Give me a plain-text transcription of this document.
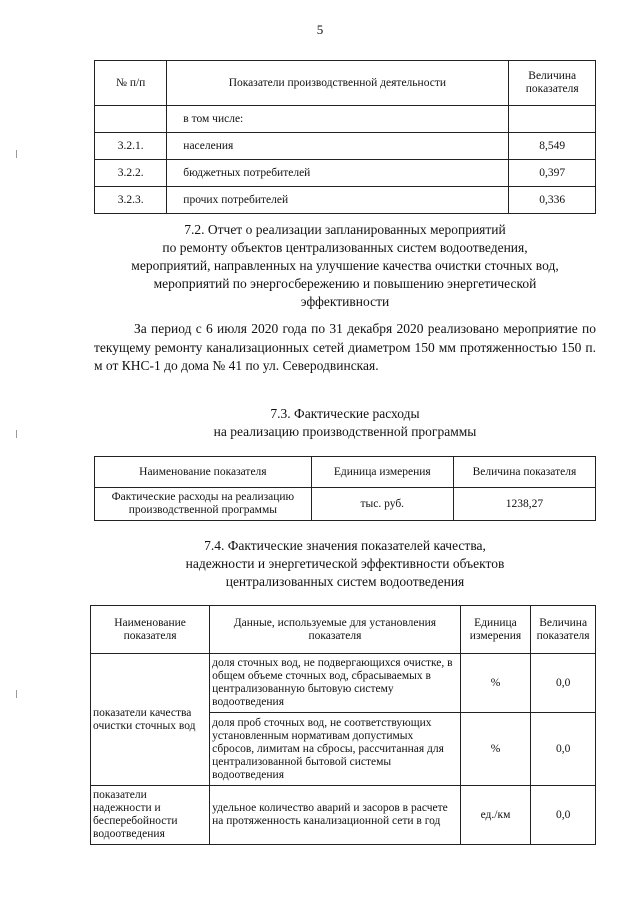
5
№ п/п	Показатели производственной деятельности	Величина показателя
	в том числе:	
3.2.1.	населения	8,549
3.2.2.	бюджетных потребителей	0,397
3.2.3.	прочих потребителей	0,336
7.2. Отчет о реализации запланированных мероприятий
по ремонту объектов централизованных систем водоотведения,
мероприятий, направленных на улучшение качества очистки сточных вод,
мероприятий по энергосбережению и повышению энергетической
эффективности
За период с 6 июля 2020 года по 31 декабря 2020 реализовано мероприятие по текущему ремонту канализационных сетей диаметром 150 мм протяженностью 150 п. м от КНС-1 до дома № 41 по ул. Северодвинская.
7.3. Фактические расходы
на реализацию производственной программы
Наименование показателя	Единица измерения	Величина показателя
Фактические расходы на реализацию производственной программы	тыс. руб.	1238,27
7.4. Фактические значения показателей качества,
надежности и энергетической эффективности объектов
централизованных систем водоотведения
Наименование показателя	Данные, используемые для установления показателя	Единица измерения	Величина показателя
показатели качества очистки сточных вод	доля сточных вод, не подвергающихся очистке, в общем объеме сточных вод, сбрасываемых в централизованную бытовую систему водоотведения	%	0,0
	доля проб сточных вод, не соответствующих установленным нормативам допустимых сбросов, лимитам на сбросы, рассчитанная для централизованной бытовой системы водоотведения	%	0,0
показатели надежности и бесперебойности водоотведения	удельное количество аварий и засоров в расчете на протяженность канализационной сети в год	ед./км	0,0
